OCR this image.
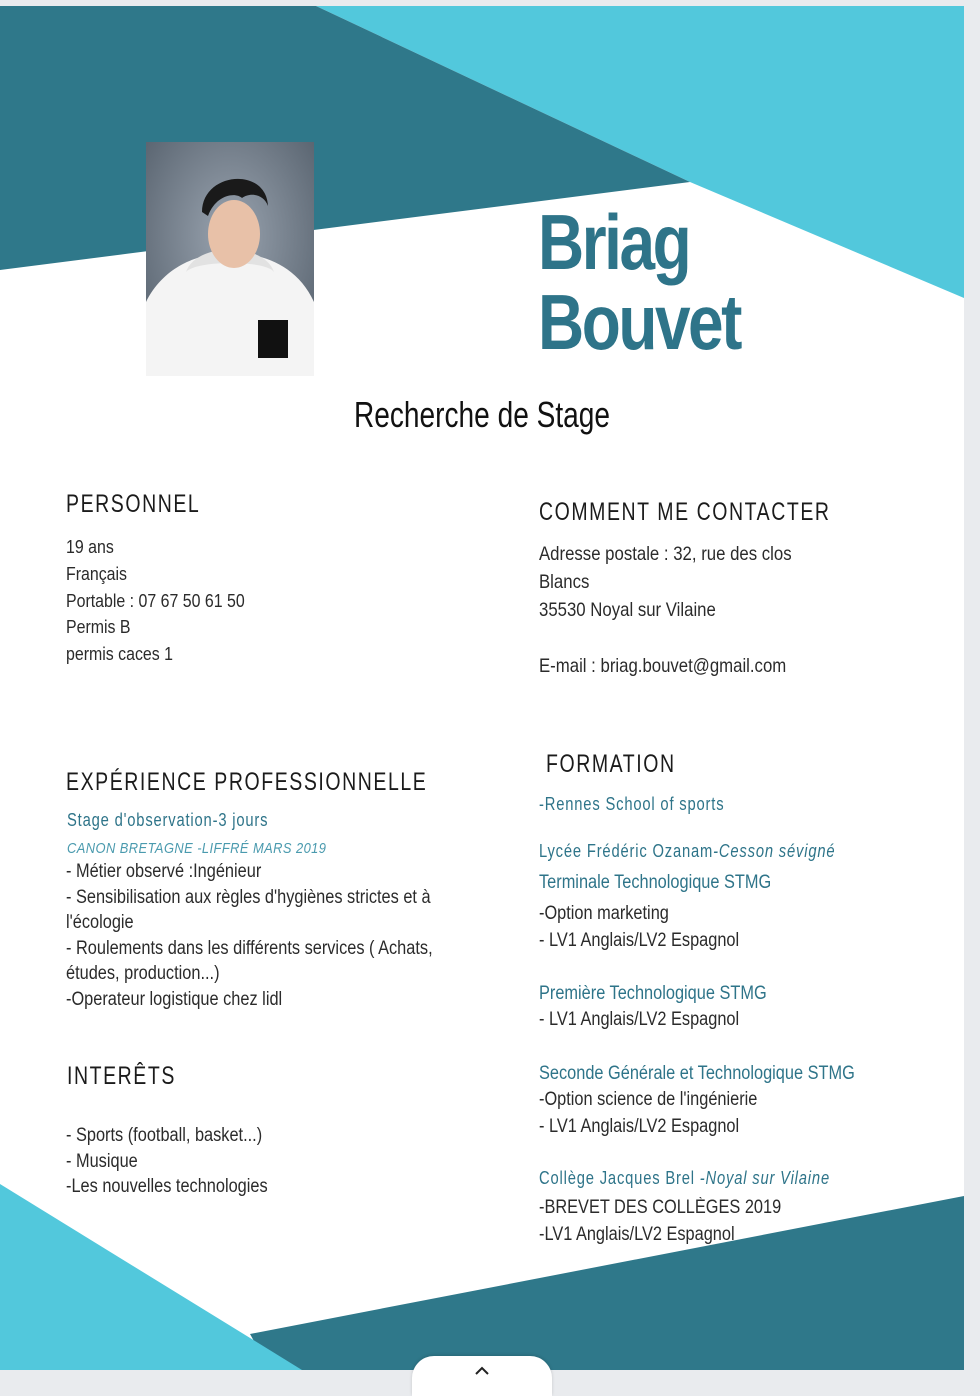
Briag
Bouvet
Recherche de Stage
PERSONNEL
19 ans
Français
Portable : 07 67 50 61 50
Permis B
permis caces 1
COMMENT ME CONTACTER
Adresse postale : 32, rue des clos
Blancs
35530 Noyal sur Vilaine
E-mail : briag.bouvet@gmail.com
EXPÉRIENCE PROFESSIONNELLE
Stage d'observation-3 jours
CANON BRETAGNE -LIFFRÉ MARS 2019
- Métier observé :Ingénieur
- Sensibilisation aux règles d'hygiènes strictes et à
l'écologie
- Roulements dans les différents services ( Achats,
études, production...)
-Operateur logistique chez lidl
INTERÊTS
- Sports (football, basket...)
- Musique
-Les nouvelles technologies
FORMATION
-Rennes School of sports
Lycée Frédéric Ozanam-Cesson sévigné
Terminale Technologique STMG
-Option marketing
- LV1 Anglais/LV2 Espagnol
Première Technologique STMG
- LV1 Anglais/LV2 Espagnol
Seconde Générale et Technologique STMG
-Option science de l'ingénierie
- LV1 Anglais/LV2 Espagnol
Collège Jacques Brel -Noyal sur Vilaine
-BREVET DES COLLÈGES 2019
-LV1 Anglais/LV2 Espagnol
